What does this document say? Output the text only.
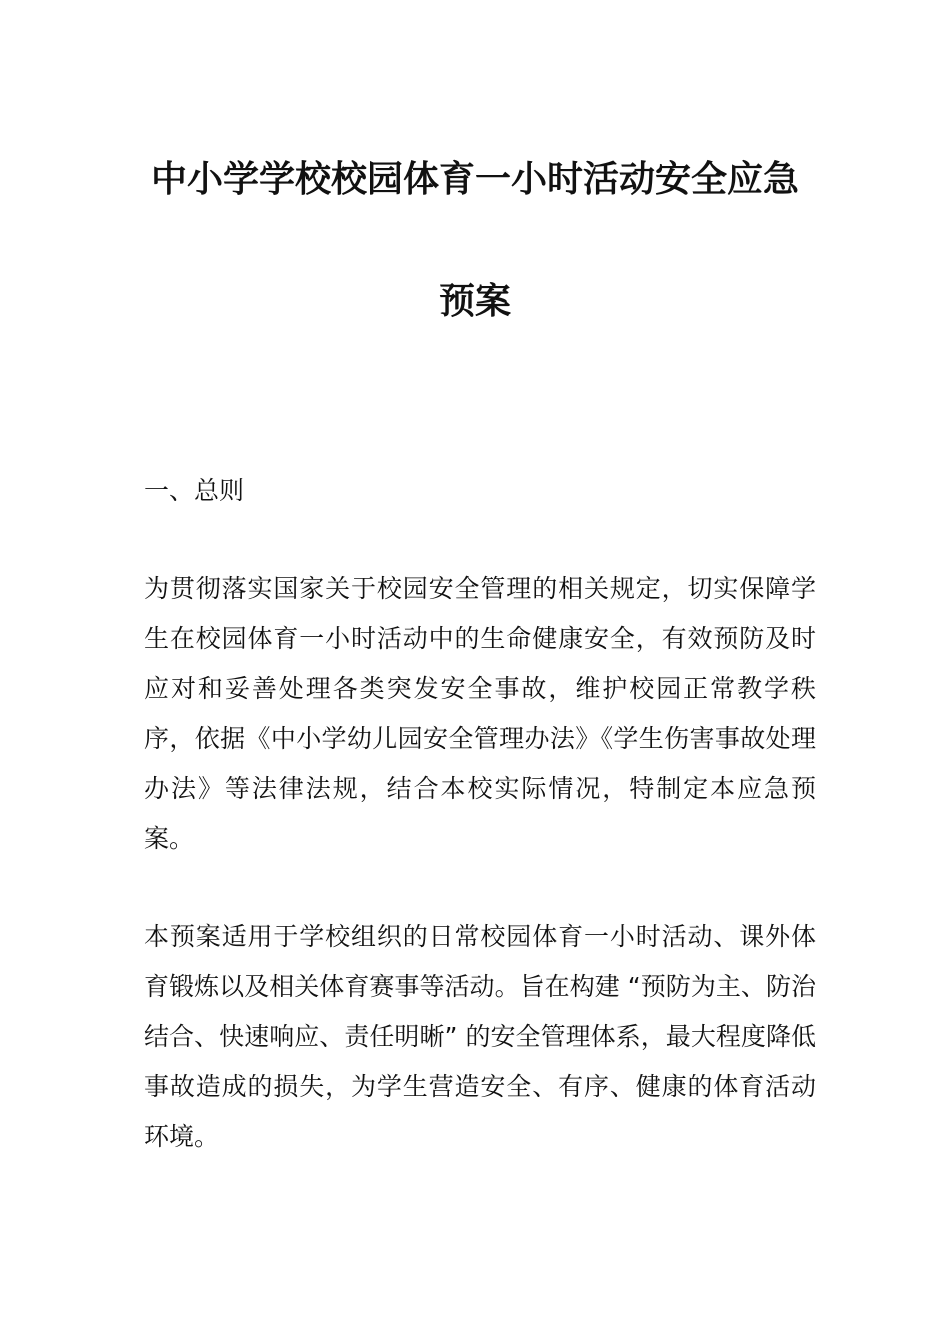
中小学学校校园体育一小时活动安全应急
预案
一、总则
为贯彻落实国家关于校园安全管理的相关规定，切实保障学生在校园体育一小时活动中的生命健康安全，有效预防及时应对和妥善处理各类突发安全事故，维护校园正常教学秩序，依据《中小学幼儿园安全管理办法》《学生伤害事故处理办法》等法律法规，结合本校实际情况，特制定本应急预案。
本预案适用于学校组织的日常校园体育一小时活动、课外体育锻炼以及相关体育赛事等活动。旨在构建 “预防为主、防治结合、快速响应、责任明晰” 的安全管理体系，最大程度降低事故造成的损失，为学生营造安全、有序、健康的体育活动环境。
